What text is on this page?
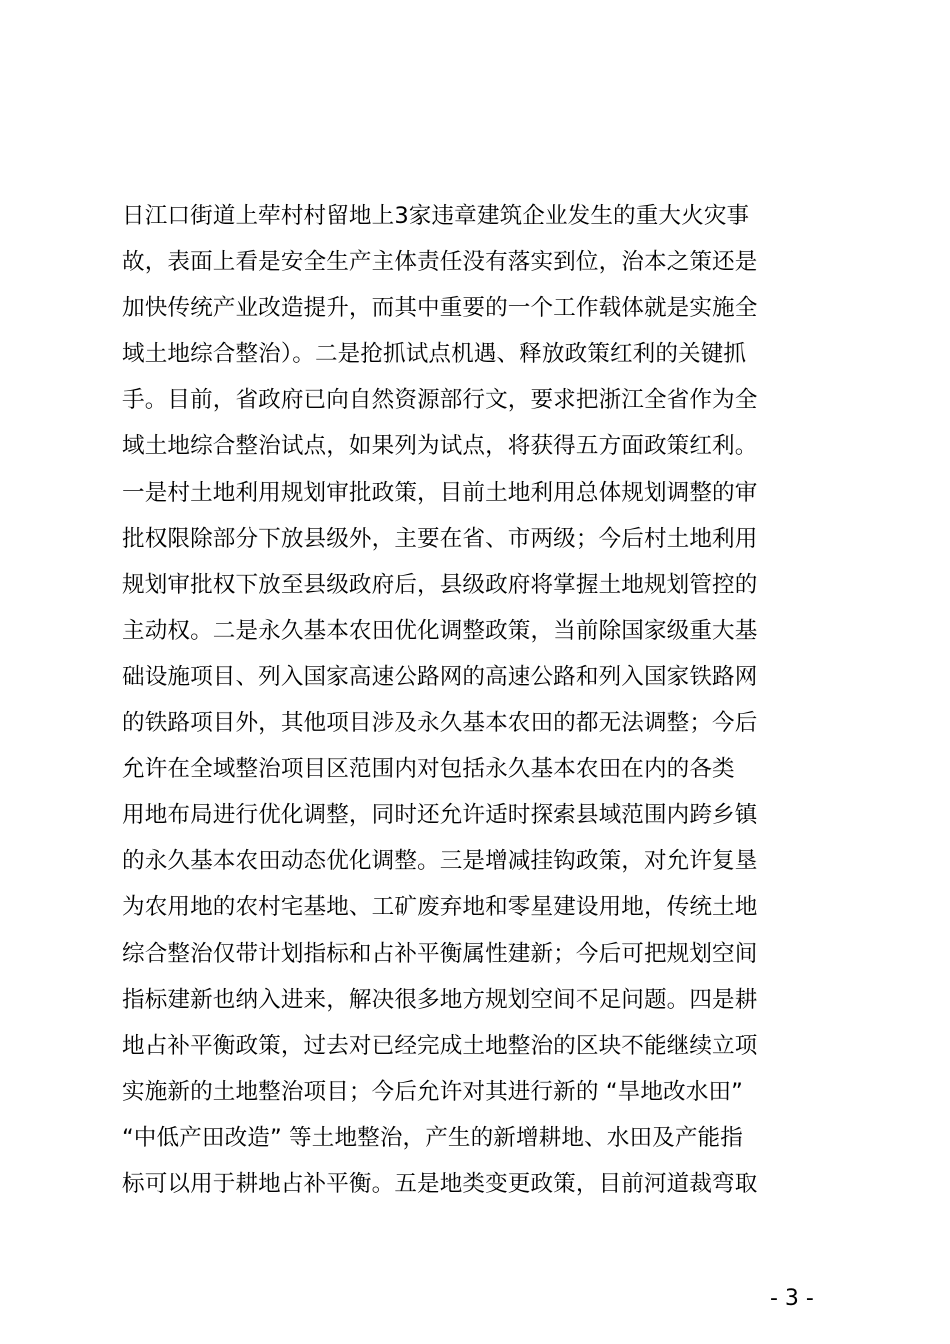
日江口街道上荦村村留地上3家违章建筑企业发生的重大火灾事
故，表面上看是安全生产主体责任没有落实到位，治本之策还是
加快传统产业改造提升，而其中重要的一个工作载体就是实施全
域土地综合整治）。二是抢抓试点机遇、释放政策红利的关键抓
手。目前，省政府已向自然资源部行文，要求把浙江全省作为全
域土地综合整治试点，如果列为试点，将获得五方面政策红利。
一是村土地利用规划审批政策，目前土地利用总体规划调整的审
批权限除部分下放县级外，主要在省、市两级；今后村土地利用
规划审批权下放至县级政府后，县级政府将掌握土地规划管控的
主动权。二是永久基本农田优化调整政策，当前除国家级重大基
础设施项目、列入国家高速公路网的高速公路和列入国家铁路网
的铁路项目外，其他项目涉及永久基本农田的都无法调整；今后
允许在全域整治项目区范围内对包括永久基本农田在内的各类
用地布局进行优化调整，同时还允许适时探索县域范围内跨乡镇
的永久基本农田动态优化调整。三是增减挂钩政策，对允许复垦
为农用地的农村宅基地、工矿废弃地和零星建设用地，传统土地
综合整治仅带计划指标和占补平衡属性建新；今后可把规划空间
指标建新也纳入进来，解决很多地方规划空间不足问题。四是耕
地占补平衡政策，过去对已经完成土地整治的区块不能继续立项
实施新的土地整治项目；今后允许对其进行新的 “旱地改水田”
“中低产田改造” 等土地整治，产生的新增耕地、水田及产能指
标可以用于耕地占补平衡。五是地类变更政策，目前河道裁弯取
- 3 -
